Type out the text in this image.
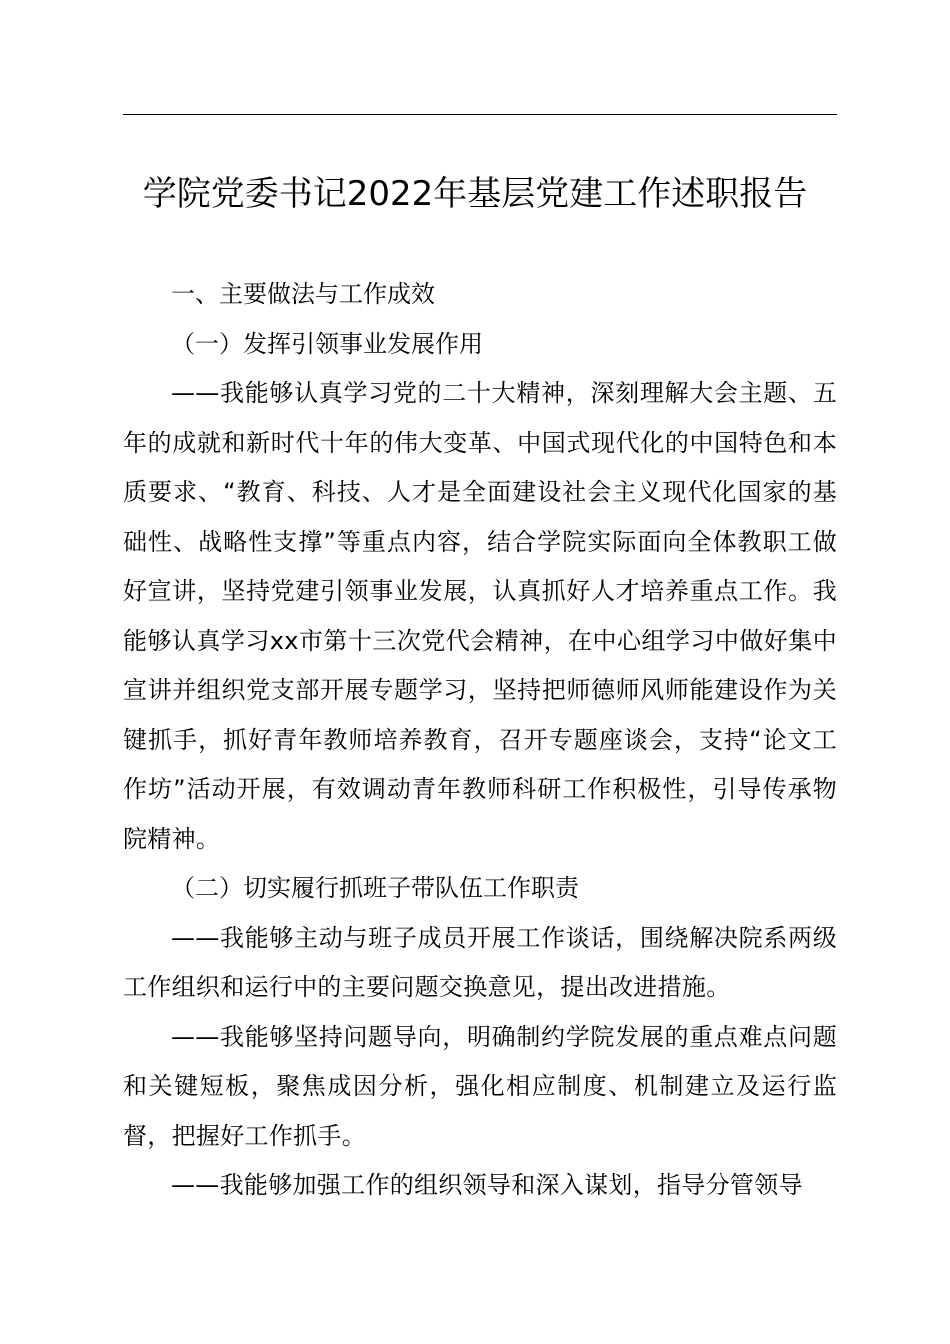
学院党委书记2022年基层党建工作述职报告

一、主要做法与工作成效

（一）发挥引领事业发展作用

——我能够认真学习党的二十大精神，深刻理解大会主题、五年的成就和新时代十年的伟大变革、中国式现代化的中国特色和本质要求、“教育、科技、人才是全面建设社会主义现代化国家的基础性、战略性支撑”等重点内容，结合学院实际面向全体教职工做好宣讲，坚持党建引领事业发展，认真抓好人才培养重点工作。我能够认真学习xx市第十三次党代会精神，在中心组学习中做好集中宣讲并组织党支部开展专题学习，坚持把师德师风师能建设作为关键抓手，抓好青年教师培养教育，召开专题座谈会，支持“论文工作坊”活动开展，有效调动青年教师科研工作积极性，引导传承物院精神。

（二）切实履行抓班子带队伍工作职责

——我能够主动与班子成员开展工作谈话，围绕解决院系两级工作组织和运行中的主要问题交换意见，提出改进措施。

——我能够坚持问题导向，明确制约学院发展的重点难点问题和关键短板，聚焦成因分析，强化相应制度、机制建立及运行监督，把握好工作抓手。

——我能够加强工作的组织领导和深入谋划，指导分管领导
